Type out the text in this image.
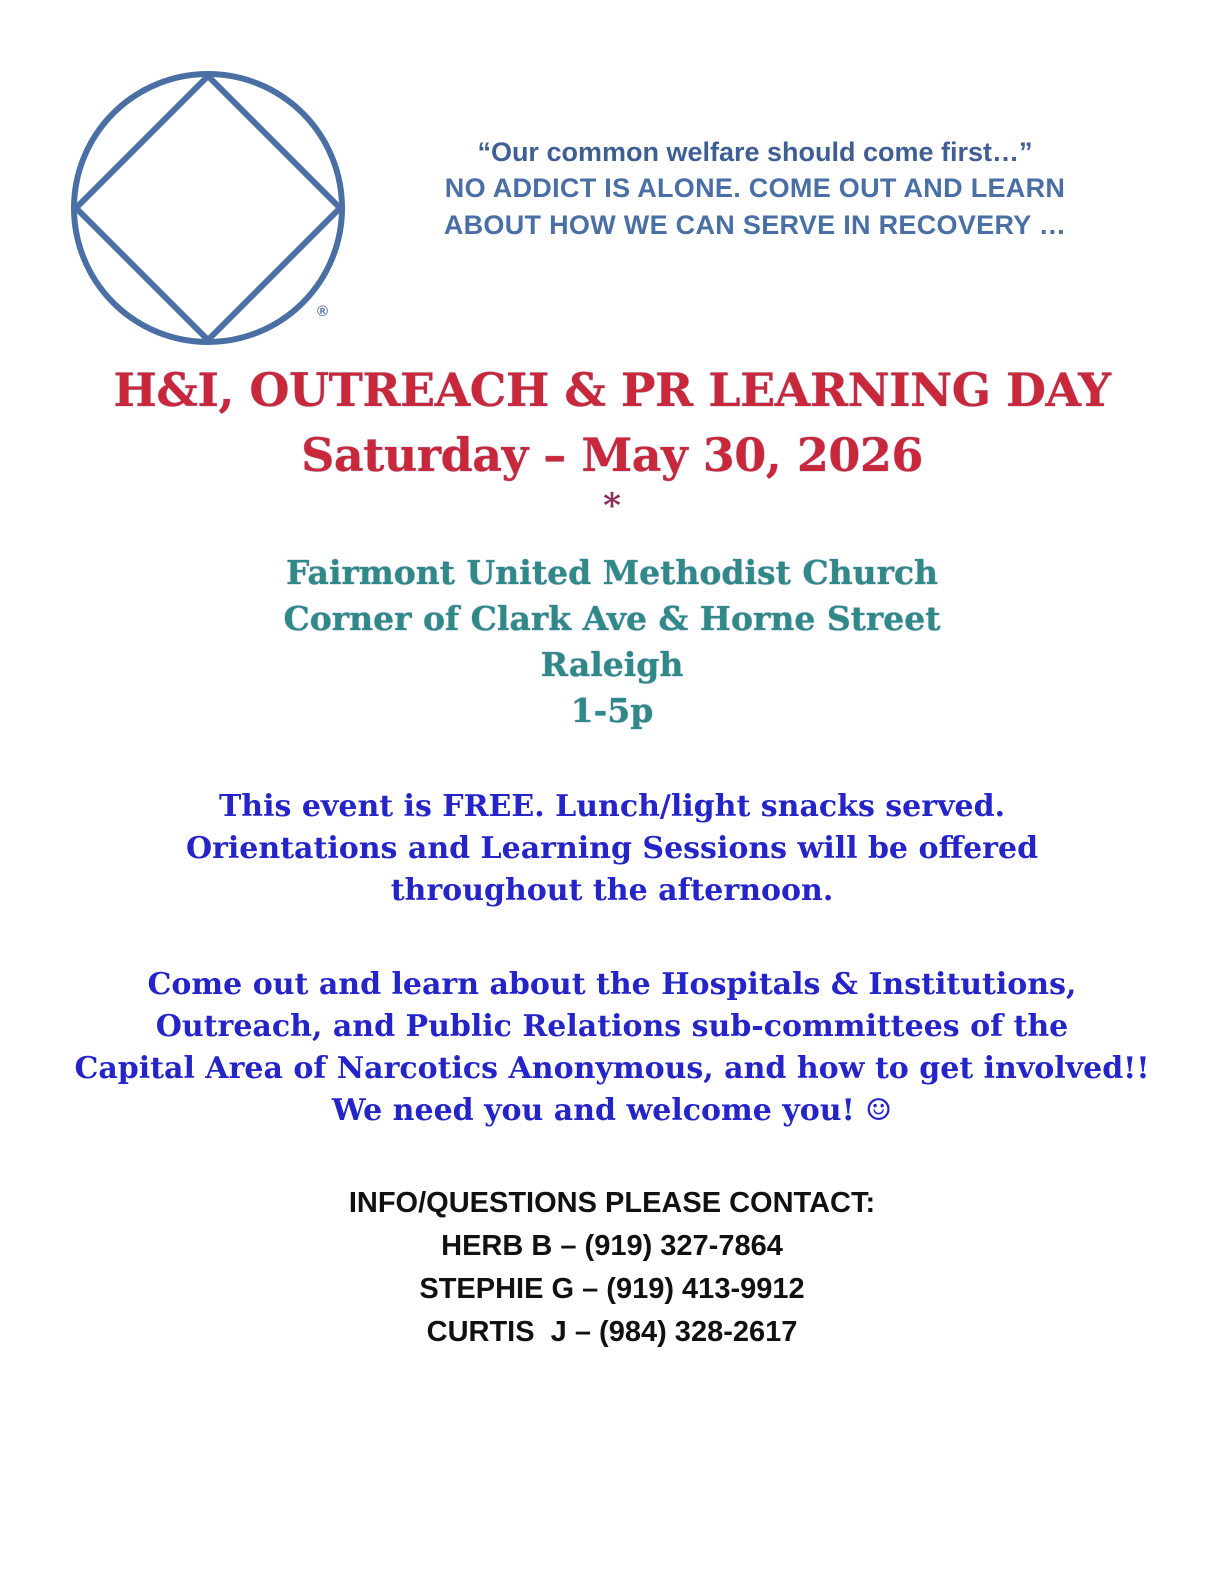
®
“Our common welfare should come first…”
NO ADDICT IS ALONE. COME OUT AND LEARN
ABOUT HOW WE CAN SERVE IN RECOVERY …
H&I, OUTREACH & PR LEARNING DAY
Saturday – May 30, 2026
*
Fairmont United Methodist Church
Corner of Clark Ave & Horne Street
Raleigh
1-5p
This event is FREE. Lunch/light snacks served.
Orientations and Learning Sessions will be offered
throughout the afternoon.
Come out and learn about the Hospitals & Institutions,
Outreach, and Public Relations sub-committees of the
Capital Area of Narcotics Anonymous, and how to get involved!!
We need you and welcome you! ☺
INFO/QUESTIONS PLEASE CONTACT:
HERB B – (919) 327-7864
STEPHIE G – (919) 413-9912
CURTIS  J – (984) 328-2617
